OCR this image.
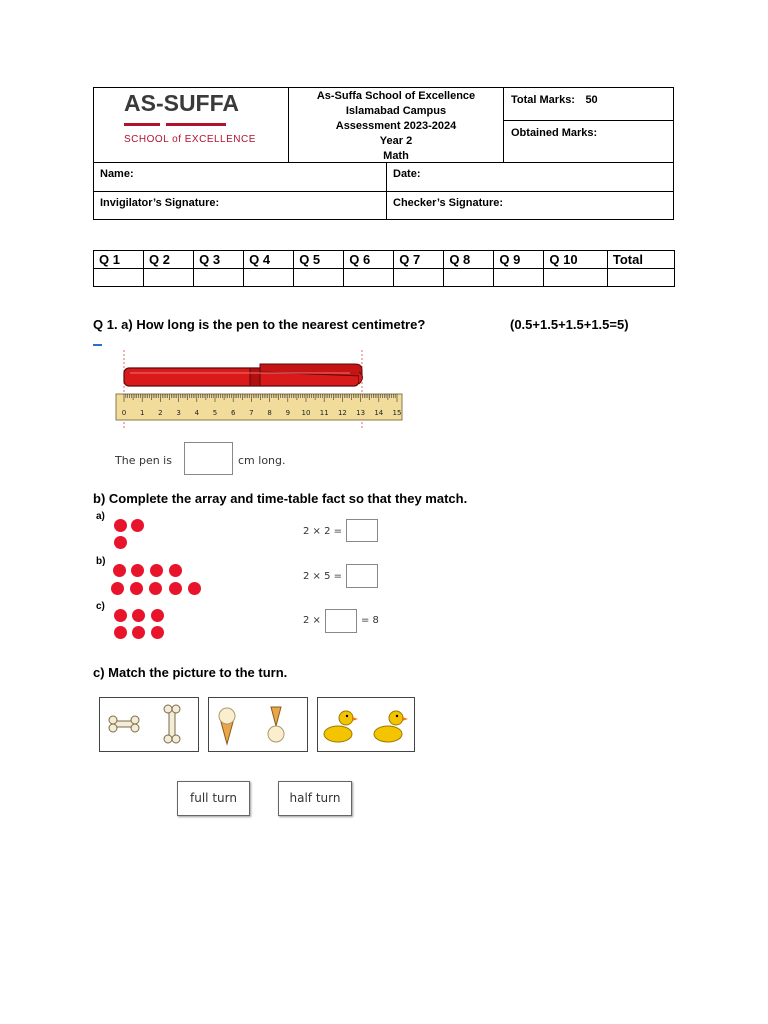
AS-SUFFA
SCHOOL of EXCELLENCE
As-Suffa School of Excellence
Islamabad Campus
Assessment 2023-2024
Year 2
Math
Total Marks: 50
Obtained Marks:
Name:	Date:
Invigilator’s Signature:	Checker’s Signature:
Q 1	Q 2	Q 3	Q 4	Q 5	Q 6	Q 7	Q 8	Q 9	Q 10	Total

Q 1. a) How long is the pen to the nearest centimetre?	(0.5+1.5+1.5+1.5=5)
0 1 2 3 4 5 6 7 8 9 10 11 12 13 14 15
The pen is	cm long.
b) Complete the array and time-table fact so that they match.
a)
2 × 2 =
b)
2 × 5 =
c)
2 ×	= 8
c) Match the picture to the turn.
full turn	half turn
